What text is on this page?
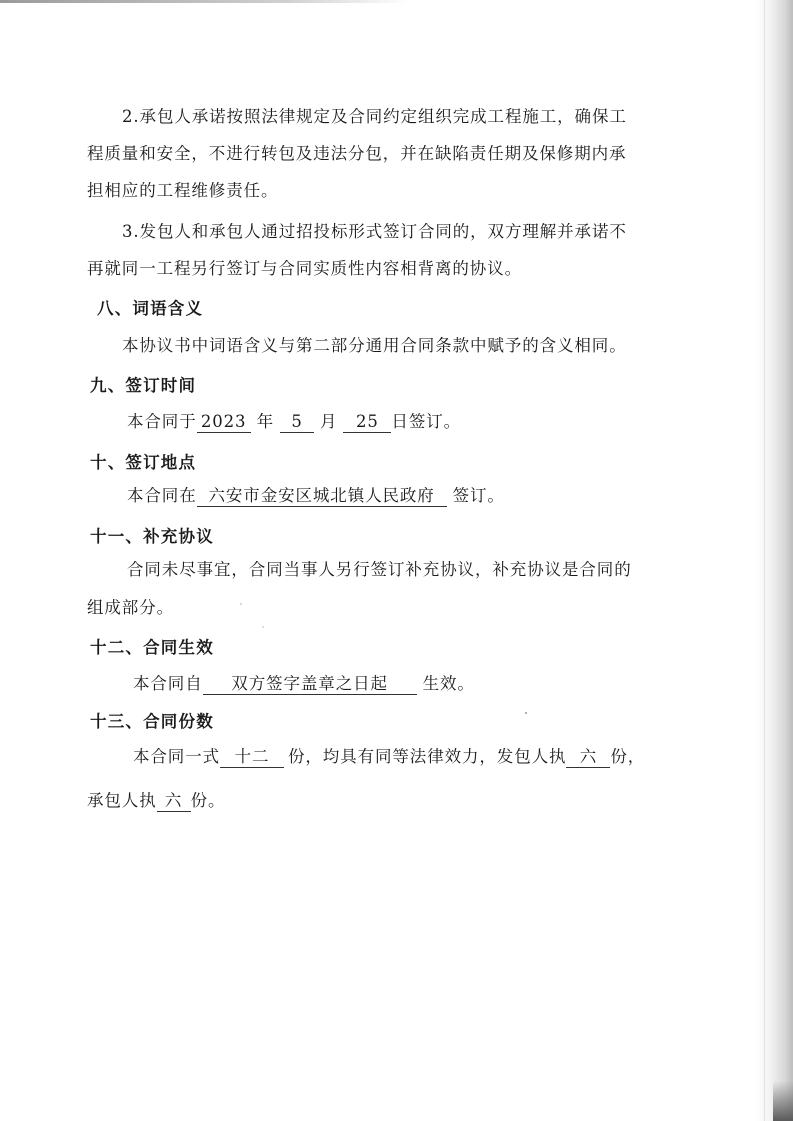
2.承包人承诺按照法律规定及合同约定组织完成工程施工，确保工
程质量和安全，不进行转包及违法分包，并在缺陷责任期及保修期内承
担相应的工程维修责任。
3.发包人和承包人通过招投标形式签订合同的，双方理解并承诺不
再就同一工程另行签订与合同实质性内容相背离的协议。
八、词语含义
本协议书中词语含义与第二部分通用合同条款中赋予的含义相同。
九、签订时间
本合同于 2023 年 5 月 25 日签订。
十、签订地点
本合同在 六安市金安区城北镇人民政府 签订。
十一、补充协议
合同未尽事宜，合同当事人另行签订补充协议，补充协议是合同的
组成部分。
十二、合同生效
本合同自 双方签字盖章之日起 生效。
十三、合同份数
本合同一式 十二 份，均具有同等法律效力，发包人执 六 份，
承包人执 六 份。
